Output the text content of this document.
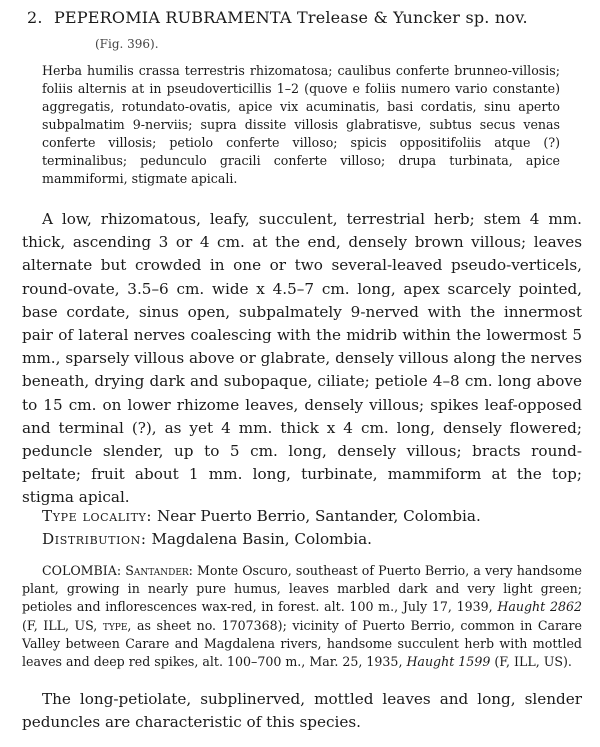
2. PEPEROMIA RUBRAMENTA Trelease & Yuncker sp. nov.
(Fig. 396).
Herba humilis crassa terrestris rhizomatosa; caulibus conferte brunneo-villosis; foliis alternis at in pseudoverticillis 1–2 (quove e foliis numero vario constante) aggregatis, rotundato-ovatis, apice vix acuminatis, basi cordatis, sinu aperto subpalmatim 9-nerviis; supra dissite villosis glabratisve, subtus secus venas conferte villosis; petiolo conferte villoso; spicis oppositifoliis atque (?) terminalibus; pedunculo gracili conferte villoso; drupa turbinata, apice mammiformi, stigmate apicali.

A low, rhizomatous, leafy, succulent, terrestrial herb; stem 4 mm. thick, ascending 3 or 4 cm. at the end, densely brown villous; leaves alternate but crowded in one or two several-leaved pseudo-verticels, round-ovate, 3.5–6 cm. wide x 4.5–7 cm. long, apex scarcely pointed, base cordate, sinus open, subpalmately 9-nerved with the innermost pair of lateral nerves coalescing with the midrib within the lowermost 5 mm., sparsely villous above or glabrate, densely villous along the nerves beneath, drying dark and subopaque, ciliate; petiole 4–8 cm. long above to 15 cm. on lower rhizome leaves, densely villous; spikes leaf-opposed and terminal (?), as yet 4 mm. thick x 4 cm. long, densely flowered; peduncle slender, up to 5 cm. long, densely villous; bracts round-peltate; fruit about 1 mm. long, turbinate, mammiform at the top; stigma apical.

Type locality: Near Puerto Berrio, Santander, Colombia.
Distribution: Magdalena Basin, Colombia.

COLOMBIA: Santander: Monte Oscuro, southeast of Puerto Berrio, a very handsome plant, growing in nearly pure humus, leaves marbled dark and very light green; petioles and inflorescences wax-red, in forest. alt. 100 m., July 17, 1939, Haught 2862 (F, ILL, US, type, as sheet no. 1707368); vicinity of Puerto Berrio, common in Carare Valley between Carare and Magdalena rivers, handsome succulent herb with mottled leaves and deep red spikes, alt. 100–700 m., Mar. 25, 1935, Haught 1599 (F, ILL, US).

The long-petiolate, subplinerved, mottled leaves and long, slender peduncles are characteristic of this species.
